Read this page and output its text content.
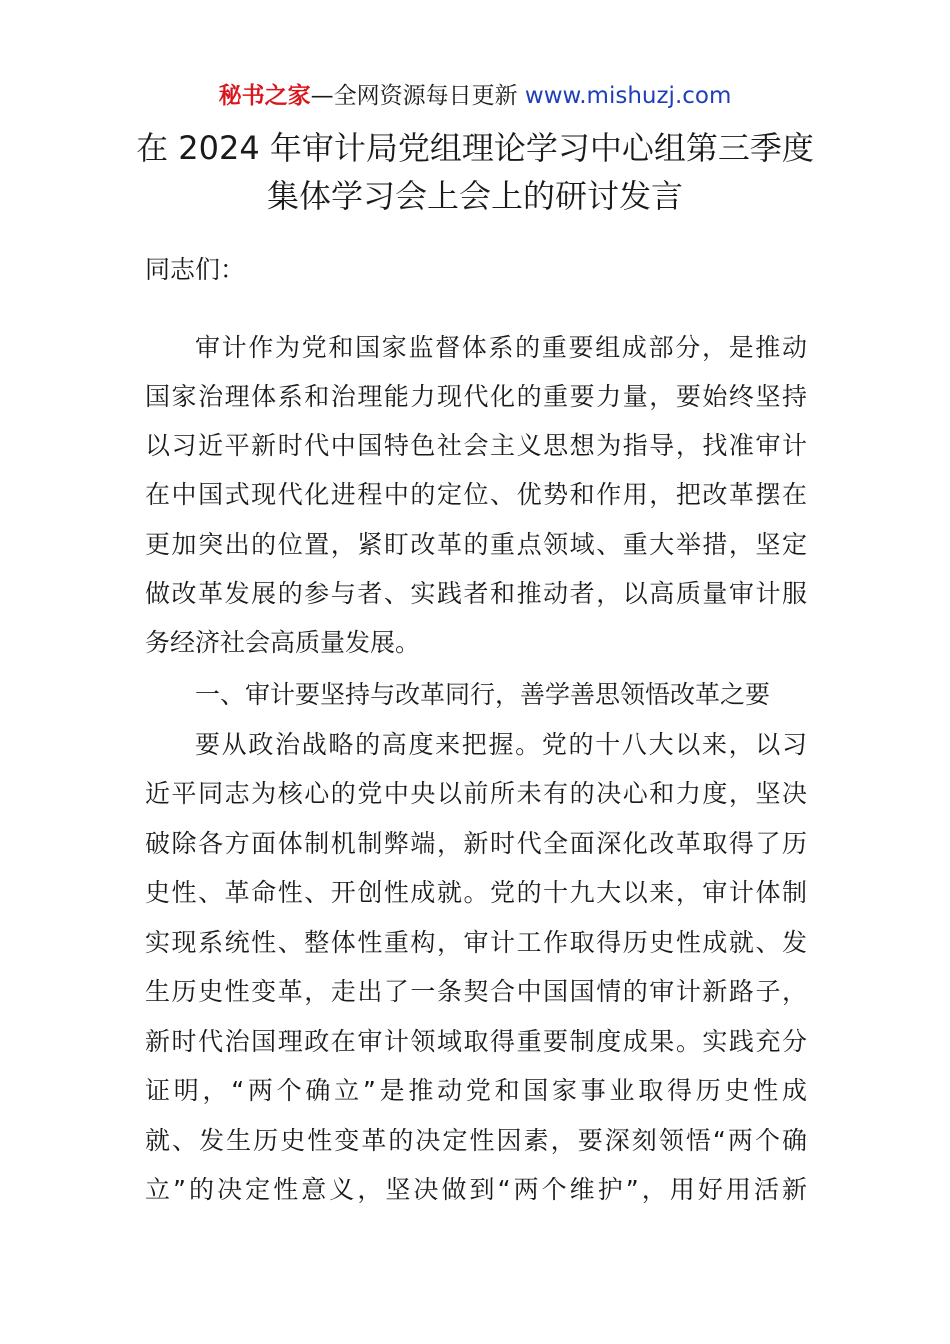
秘书之家—全网资源每日更新 www.mishuzj.com
在 2024 年审计局党组理论学习中心组第三季度
集体学习会上会上的研讨发言
同志们：
审计作为党和国家监督体系的重要组成部分，是推动
国家治理体系和治理能力现代化的重要力量，要始终坚持
以习近平新时代中国特色社会主义思想为指导，找准审计
在中国式现代化进程中的定位、优势和作用，把改革摆在
更加突出的位置，紧盯改革的重点领域、重大举措，坚定
做改革发展的参与者、实践者和推动者，以高质量审计服
务经济社会高质量发展。
一、审计要坚持与改革同行，善学善思领悟改革之要
要从政治战略的高度来把握。党的十八大以来，以习
近平同志为核心的党中央以前所未有的决心和力度，坚决
破除各方面体制机制弊端，新时代全面深化改革取得了历
史性、革命性、开创性成就。党的十九大以来，审计体制
实现系统性、整体性重构，审计工作取得历史性成就、发
生历史性变革，走出了一条契合中国国情的审计新路子，
新时代治国理政在审计领域取得重要制度成果。实践充分
证明，“两个确立”是推动党和国家事业取得历史性成
就、发生历史性变革的决定性因素，要深刻领悟“两个确
立”的决定性意义，坚决做到“两个维护”，用好用活新
